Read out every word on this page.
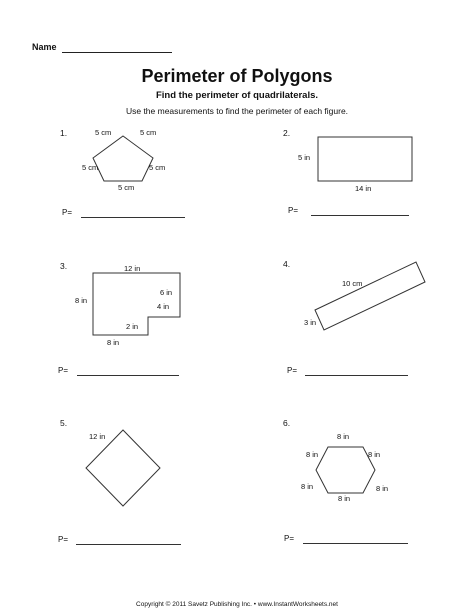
Name
Perimeter of Polygons
Find the perimeter of quadrilaterals.
Use the measurements to find the perimeter of each figure.
1.	5 cm	5 cm
5 cm	5 cm
5 cm
P=
2.
5 in
14 in
P=
3.	12 in
8 in
6 in
4 in
2 in
8 in
P=
4.
10 cm
3 in
P=
5.
12 in
P=
6.
8 in
8 in	8 in
8 in	8 in
8 in
P=
Copyright © 2011 Savetz Publishing Inc. • www.InstantWorksheets.net
